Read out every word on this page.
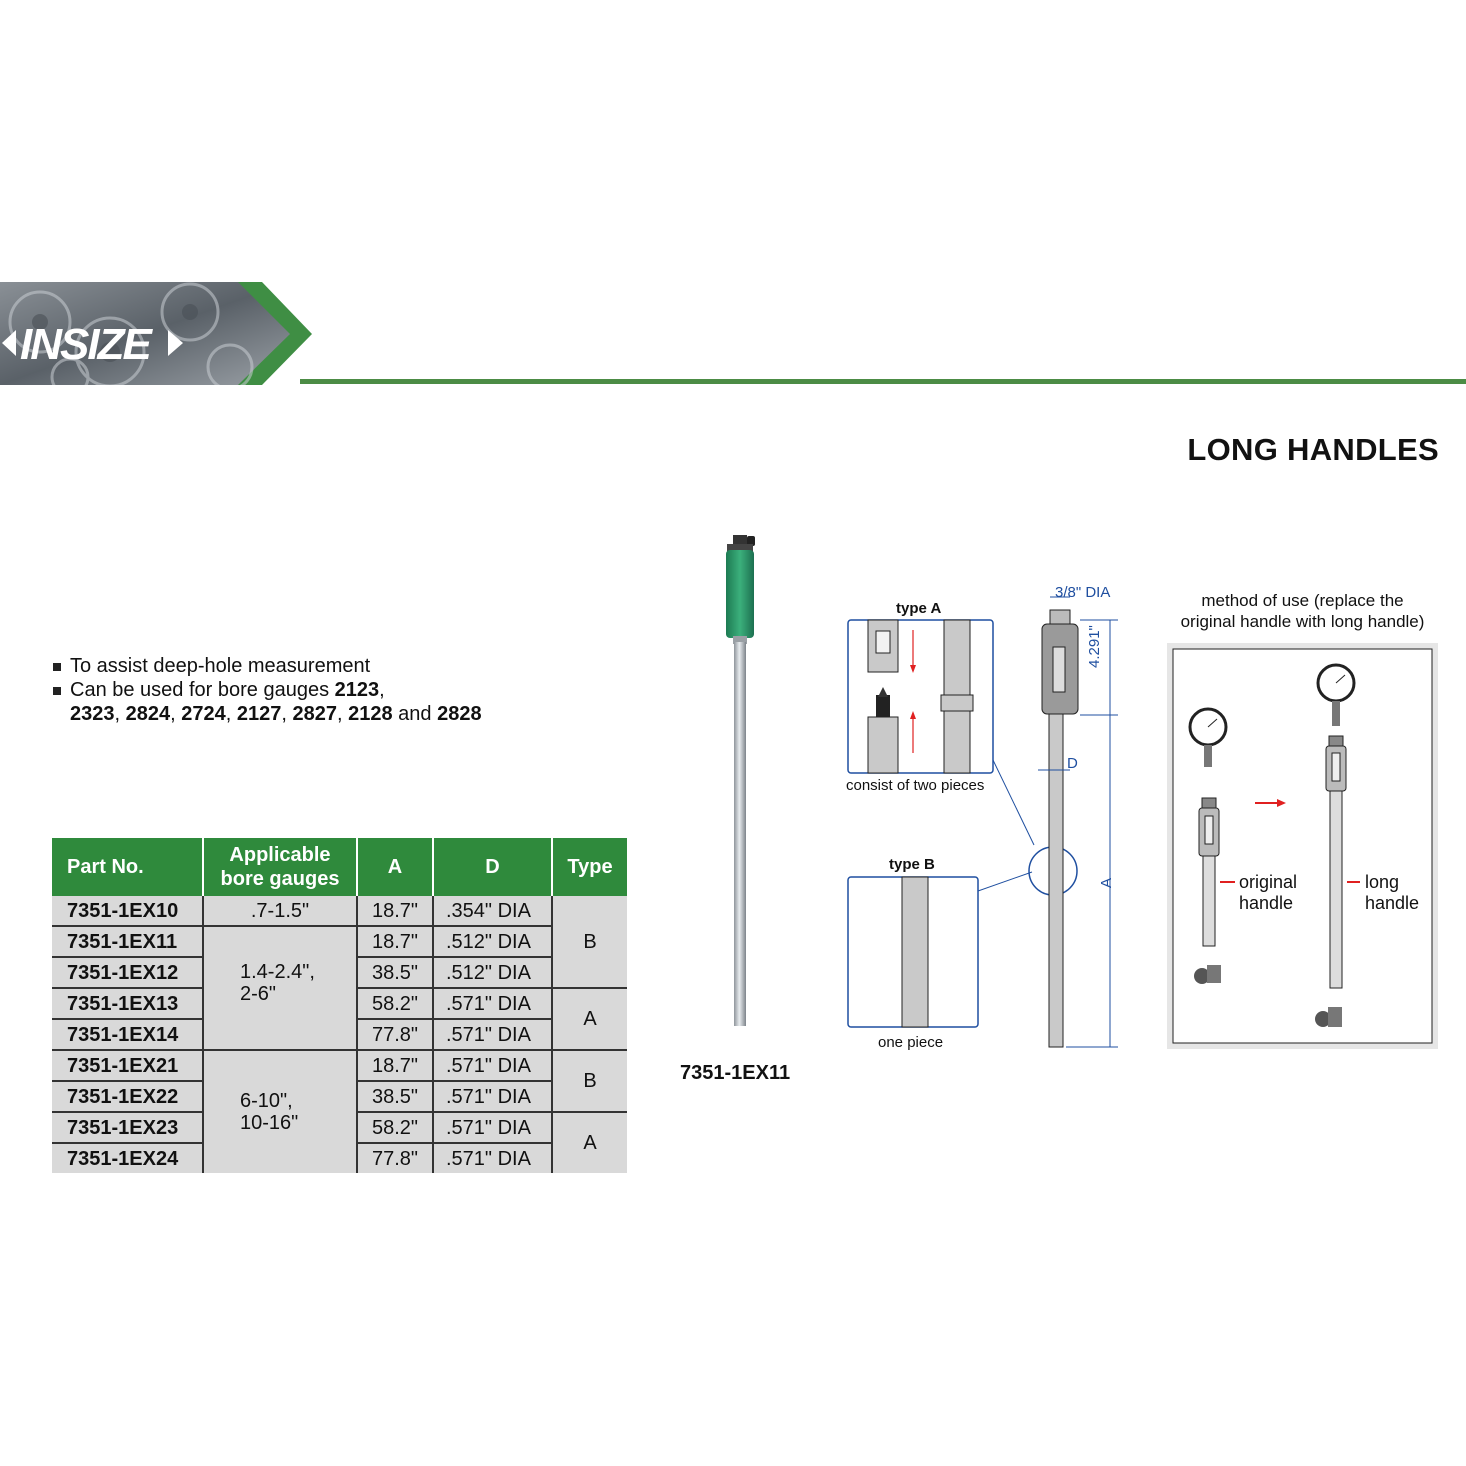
INSIZE
LONG HANDLES
To assist deep-hole measurement
Can be used for bore gauges 2123,
2323, 2824, 2724, 2127, 2827, 2128 and 2828
Part No.	Applicable
bore gauges	A	D	Type
7351-1EX10	.7-1.5"	18.7"	.354" DIA	B
7351-1EX11	1.4-2.4",
2-6"	18.7"	.512" DIA	
7351-1EX12		38.5"	.512" DIA	
7351-1EX13		58.2"	.571" DIA	A
7351-1EX14		77.8"	.571" DIA	
7351-1EX21	6-10",
10-16"	18.7"	.571" DIA	B
7351-1EX22		38.5"	.571" DIA	
7351-1EX23		58.2"	.571" DIA	A
7351-1EX24		77.8"	.571" DIA	
7351-1EX11
type A
consist of two pieces
type B
one piece
3/8" DIA
4.291"
D
A
method of use (replace the
original handle with long handle)
original
handle
long
handle
